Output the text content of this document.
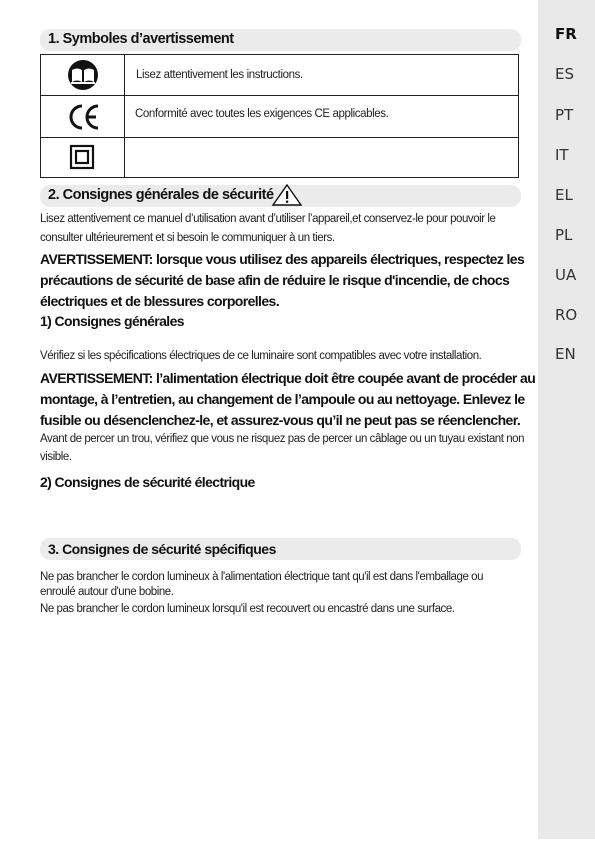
FR
ES
PT
IT
EL
PL
UA
RO
EN
1. Symboles d’avertissement
Lisez attentivement les instructions.
Conformité avec toutes les exigences CE applicables.
2. Consignes générales de sécurité
Lisez attentivement ce manuel d’utilisation avant d’utiliser l’appareil,et conservez-le pour pouvoir le
consulter ultérieurement et si besoin le communiquer à un tiers.
AVERTISSEMENT: lorsque vous utilisez des appareils électriques, respectez les
précautions de sécurité de base afin de réduire le risque d'incendie, de chocs
électriques et de blessures corporelles.
1) Consignes générales
Vérifiez si les spécifications électriques de ce luminaire sont compatibles avec votre installation.
AVERTISSEMENT: l’alimentation électrique doit être coupée avant de procéder au
montage, à l’entretien, au changement de l’ampoule ou au nettoyage. Enlevez le
fusible ou désenclenchez-le, et assurez-vous qu’il ne peut pas se réenclencher.
Avant de percer un trou, vérifiez que vous ne risquez pas de percer un câblage ou un tuyau existant non
visible.
2) Consignes de sécurité électrique
3. Consignes de sécurité spécifiques
Ne pas brancher le cordon lumineux à l'alimentation électrique tant qu'il est dans l'emballage ou
enroulé autour d'une bobine.
Ne pas brancher le cordon lumineux lorsqu'il est recouvert ou encastré dans une surface.
